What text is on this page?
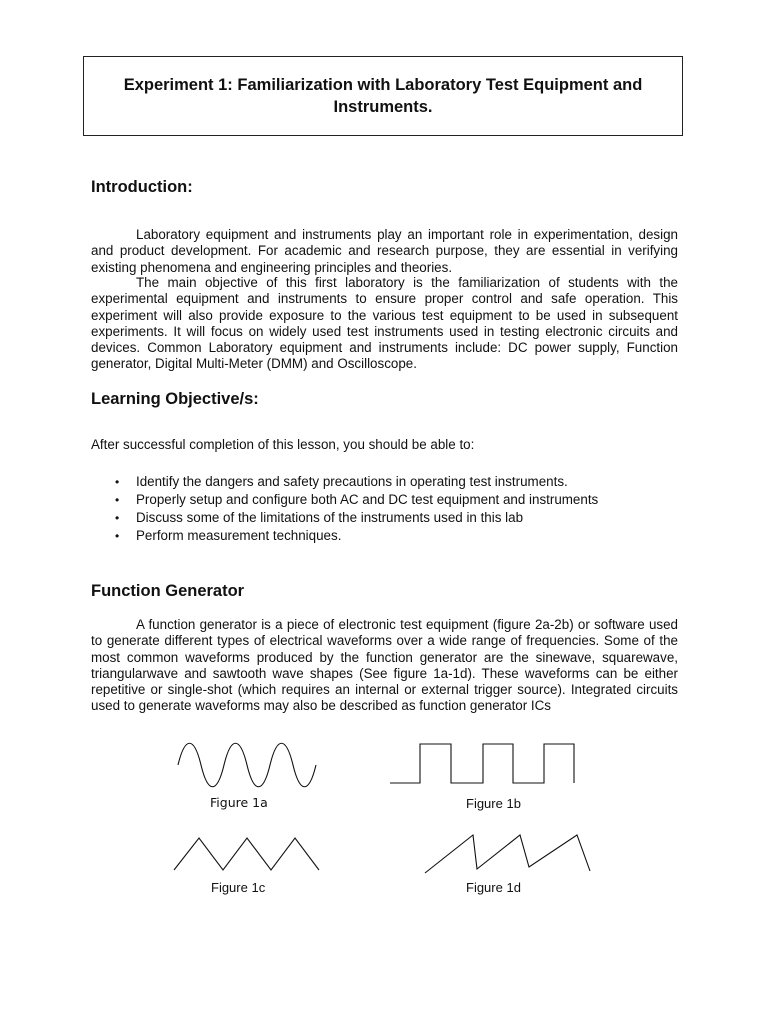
Experiment 1: Familiarization with Laboratory Test Equipment and Instruments.
Introduction:

Laboratory equipment and instruments play an important role in experimentation, design and product development. For academic and research purpose, they are essential in verifying existing phenomena and engineering principles and theories.

The main objective of this first laboratory is the familiarization of students with the experimental equipment and instruments to ensure proper control and safe operation. This experiment will also provide exposure to the various test equipment to be used in subsequent experiments. It will focus on widely used test instruments used in testing electronic circuits and devices. Common Laboratory equipment and instruments include: DC power supply, Function generator, Digital Multi-Meter (DMM) and Oscilloscope.

Learning Objective/s:

After successful completion of this lesson, you should be able to:

• Identify the dangers and safety precautions in operating test instruments.
• Properly setup and configure both AC and DC test equipment and instruments
• Discuss some of the limitations of the instruments used in this lab
• Perform measurement techniques.
Function Generator

A function generator is a piece of electronic test equipment (figure 2a-2b) or software used to generate different types of electrical waveforms over a wide range of frequencies. Some of the most common waveforms produced by the function generator are the sinewave, squarewave, triangularwave and sawtooth wave shapes (See figure 1a-1d). These waveforms can be either repetitive or single-shot (which requires an internal or external trigger source). Integrated circuits used to generate waveforms may also be described as function generator ICs

Figure 1a	Figure 1b

Figure 1c	Figure 1d
